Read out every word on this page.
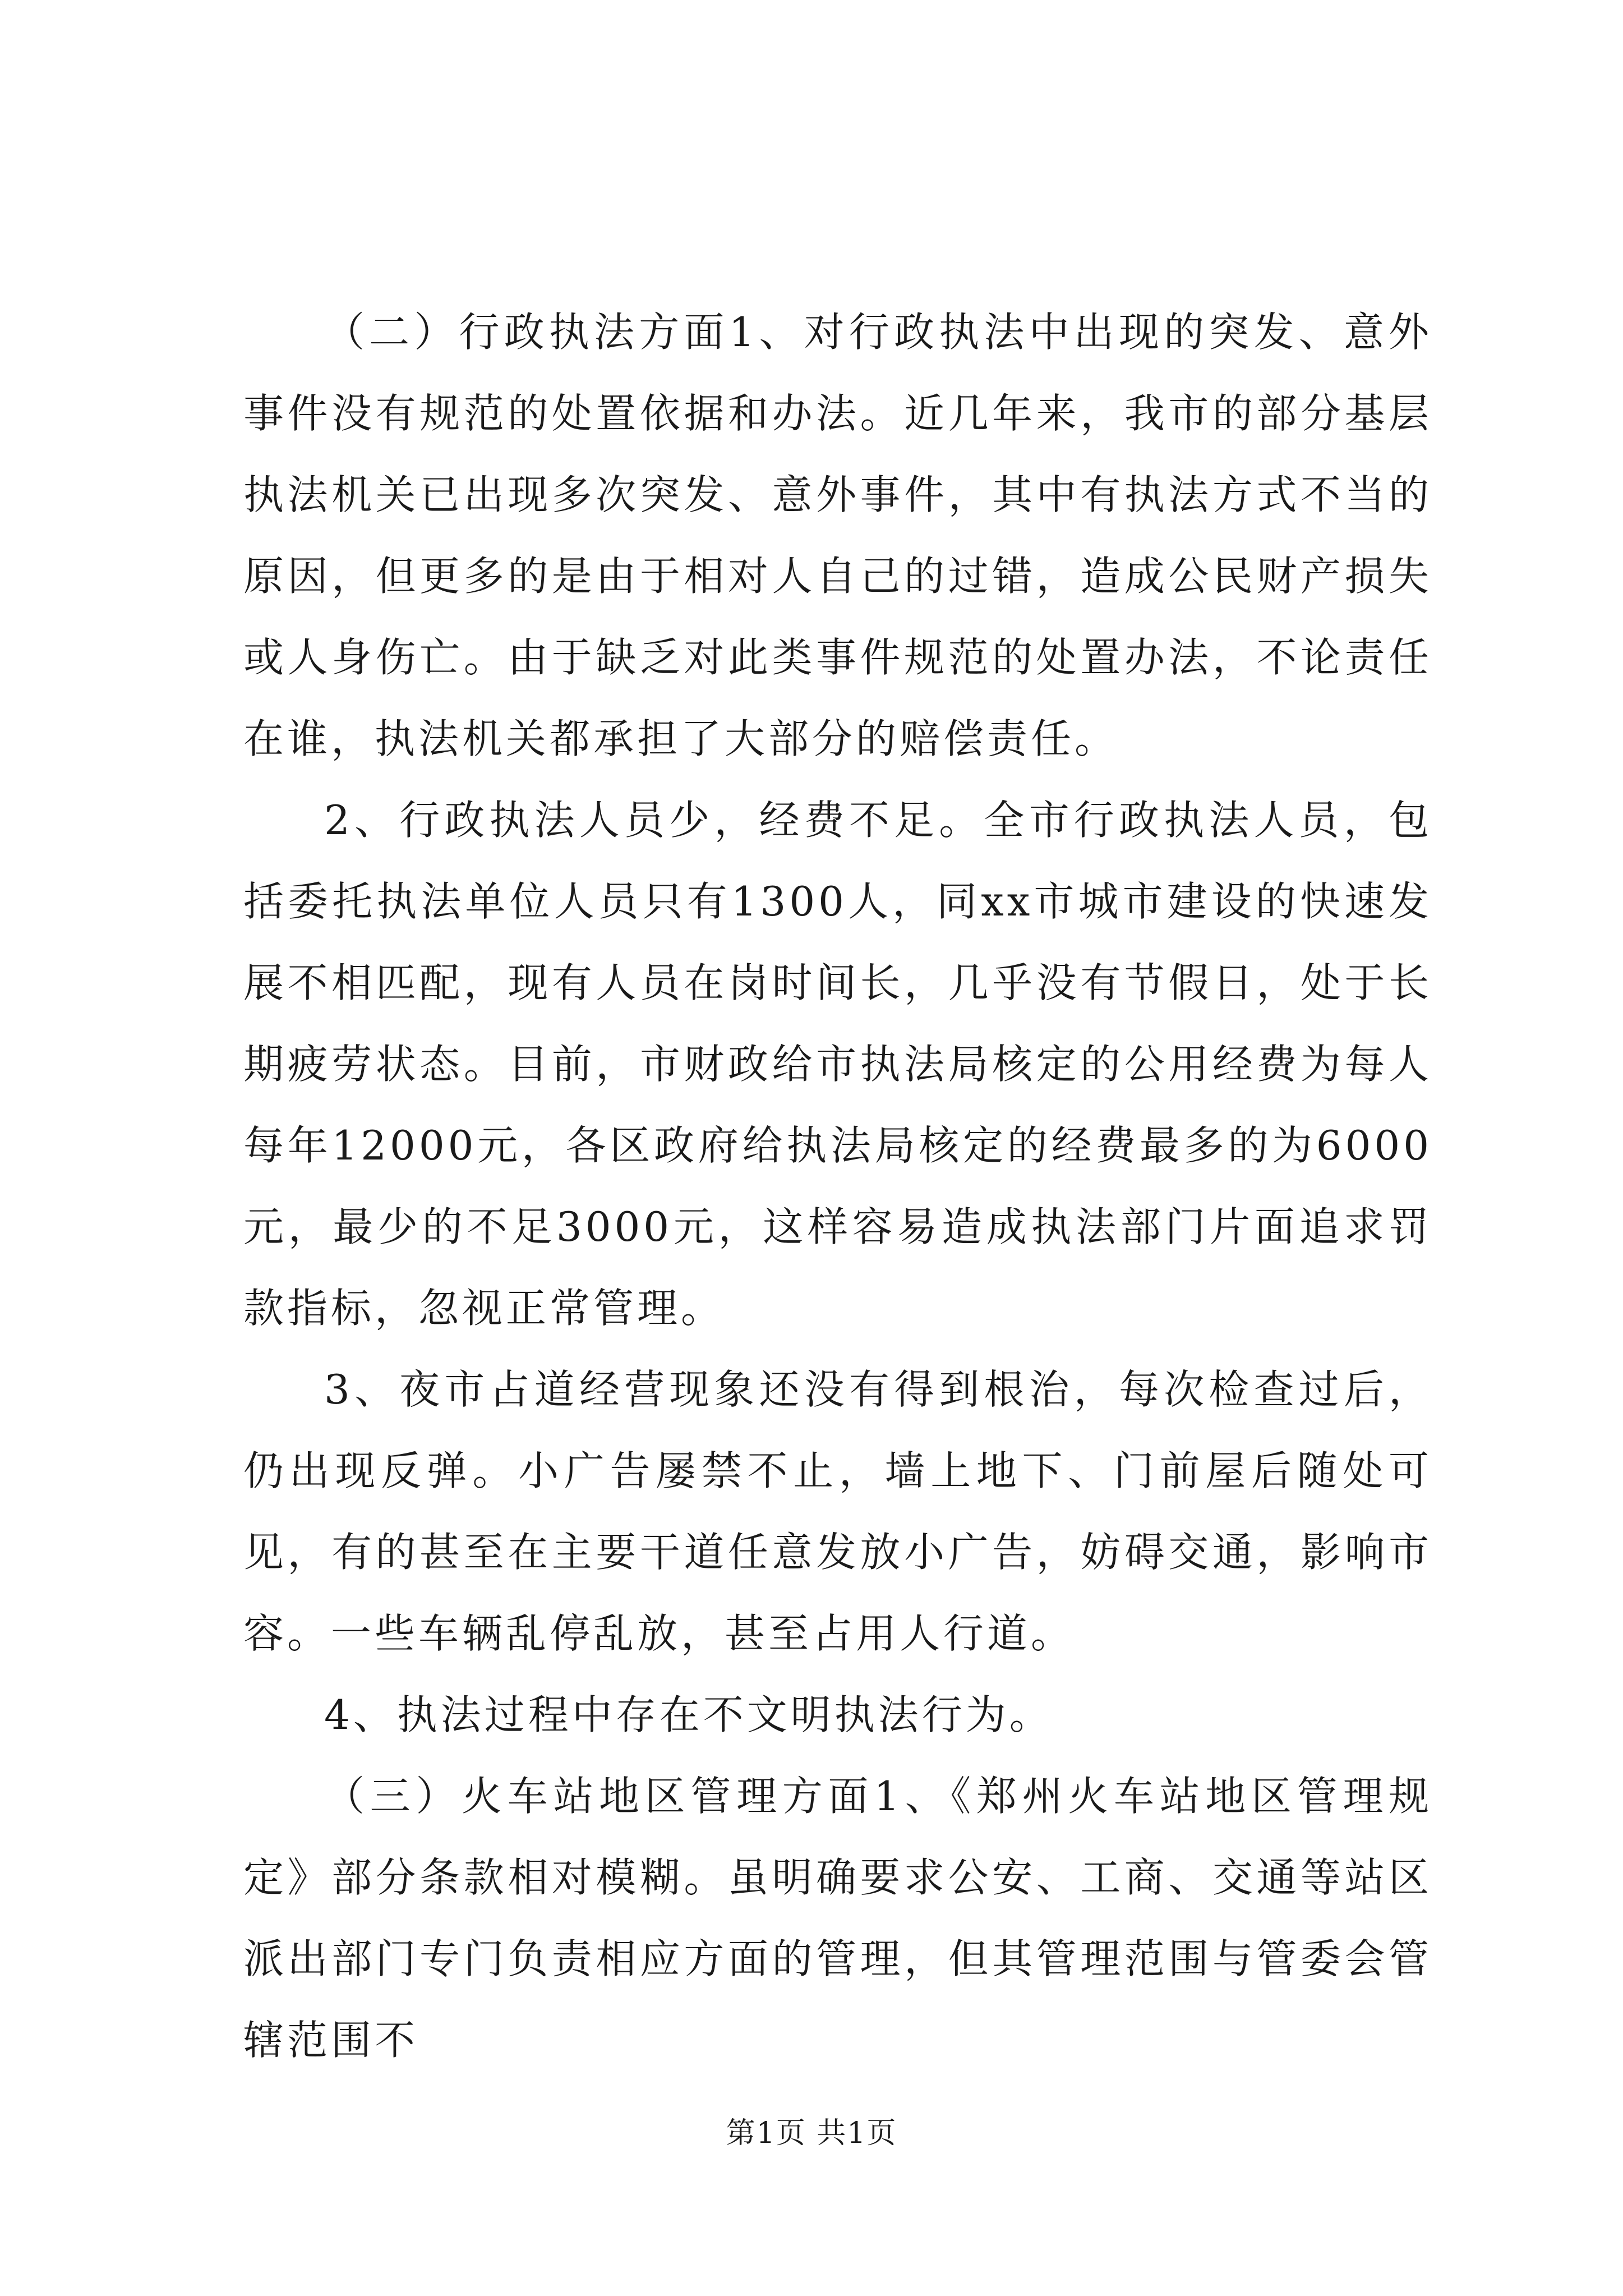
（二）行政执法方面1、对行政执法中出现的突发、意外事件没有规范的处置依据和办法。近几年来，我市的部分基层执法机关已出现多次突发、意外事件，其中有执法方式不当的原因，但更多的是由于相对人自己的过错，造成公民财产损失或人身伤亡。由于缺乏对此类事件规范的处置办法，不论责任在谁，执法机关都承担了大部分的赔偿责任。

2、行政执法人员少，经费不足。全市行政执法人员，包括委托执法单位人员只有1300人，同xx市城市建设的快速发展不相匹配，现有人员在岗时间长，几乎没有节假日，处于长期疲劳状态。目前，市财政给市执法局核定的公用经费为每人每年12000元，各区政府给执法局核定的经费最多的为6000元，最少的不足3000元，这样容易造成执法部门片面追求罚款指标，忽视正常管理。

3、夜市占道经营现象还没有得到根治，每次检查过后，仍出现反弹。小广告屡禁不止，墙上地下、门前屋后随处可见，有的甚至在主要干道任意发放小广告，妨碍交通，影响市容。一些车辆乱停乱放，甚至占用人行道。

4、执法过程中存在不文明执法行为。

（三）火车站地区管理方面1、《郑州火车站地区管理规定》部分条款相对模糊。虽明确要求公安、工商、交通等站区派出部门专门负责相应方面的管理，但其管理范围与管委会管辖范围不

第1页 共1页
